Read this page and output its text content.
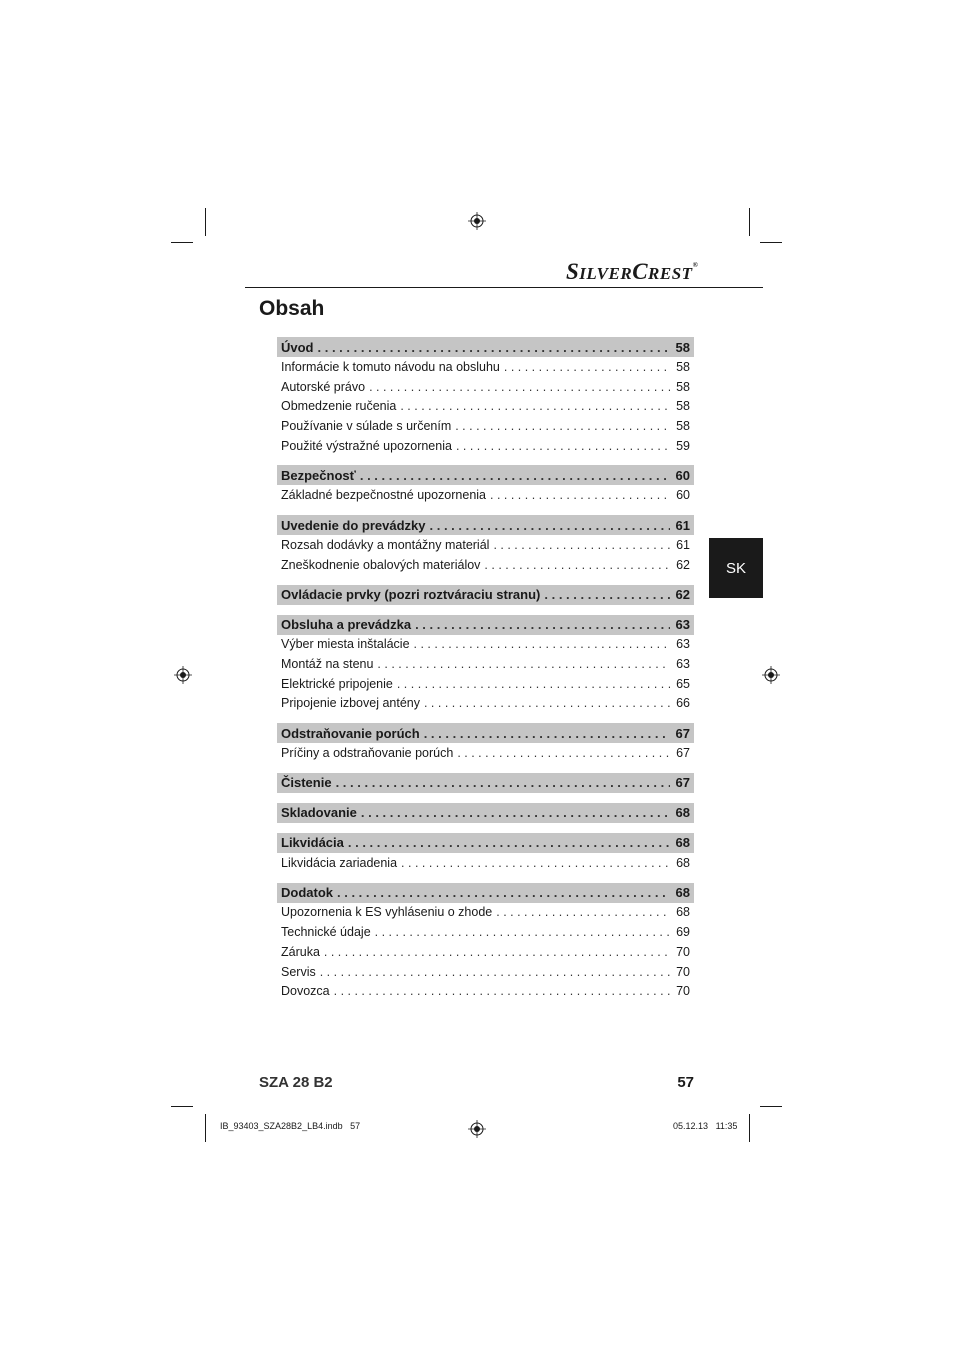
SILVERCREST®
Obsah
Úvod . . .	58
Informácie k tomuto návodu na obsluhu . . .	58
Autorské právo . . .	58
Obmedzenie ručenia . . .	58
Používanie v súlade s určením . . .	58
Použité výstražné upozornenia . . .	59
Bezpečnosť . . .	60
Základné bezpečnostné upozornenia . . .	60
Uvedenie do prevádzky . . .	61
Rozsah dodávky a montážny materiál . . .	61
Zneškodnenie obalových materiálov . . .	62
Ovládacie prvky (pozri roztváraciu stranu) . . .	62
Obsluha a prevádzka . . .	63
Výber miesta inštalácie . . .	63
Montáž na stenu . . .	63
Elektrické pripojenie . . .	65
Pripojenie izbovej antény . . .	66
Odstraňovanie porúch . . .	67
Príčiny a odstraňovanie porúch . . .	67
Čistenie . . .	67
Skladovanie . . .	68
Likvidácia . . .	68
Likvidácia zariadenia . . .	68
Dodatok . . .	68
Upozornenia k ES vyhláseniu o zhode . . .	68
Technické údaje . . .	69
Záruka . . .	70
Servis . . .	70
Dovozca . . .	70
SK
SZA 28 B2	57
IB_93403_SZA28B2_LB4.indb 57	05.12.13 11:35
